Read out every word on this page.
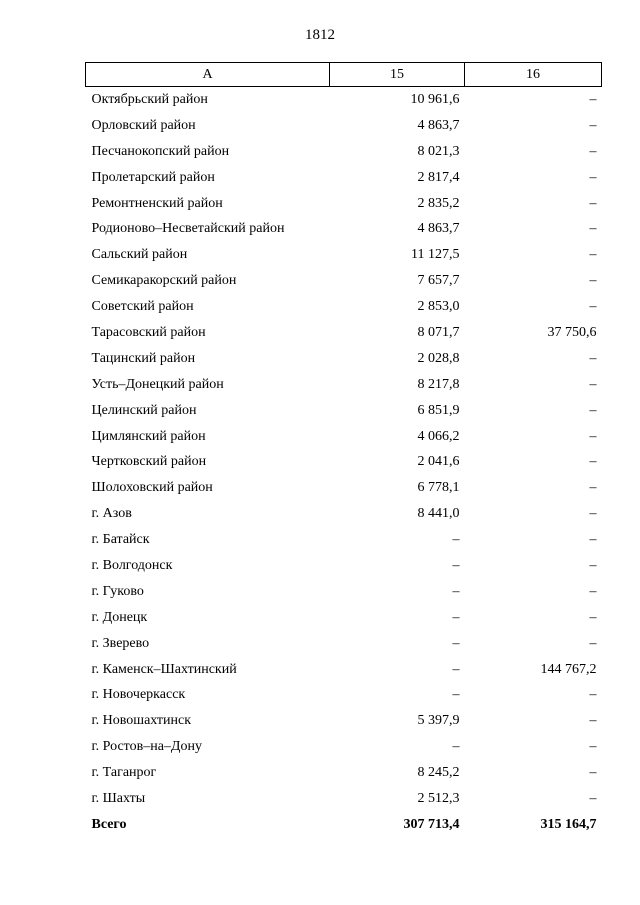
1812
А	15	16
Октябрьский район	10 961,6	–
Орловский район	4 863,7	–
Песчанокопский район	8 021,3	–
Пролетарский район	2 817,4	–
Ремонтненский район	2 835,2	–
Родионово–Несветайский район	4 863,7	–
Сальский район	11 127,5	–
Семикаракорский район	7 657,7	–
Советский район	2 853,0	–
Тарасовский район	8 071,7	37 750,6
Тацинский район	2 028,8	–
Усть–Донецкий район	8 217,8	–
Целинский район	6 851,9	–
Цимлянский район	4 066,2	–
Чертковский район	2 041,6	–
Шолоховский район	6 778,1	–
г. Азов	8 441,0	–
г. Батайск	–	–
г. Волгодонск	–	–
г. Гуково	–	–
г. Донецк	–	–
г. Зверево	–	–
г. Каменск–Шахтинский	–	144 767,2
г. Новочеркасск	–	–
г. Новошахтинск	5 397,9	–
г. Ростов–на–Дону	–	–
г. Таганрог	8 245,2	–
г. Шахты	2 512,3	–
Всего	307 713,4	315 164,7
